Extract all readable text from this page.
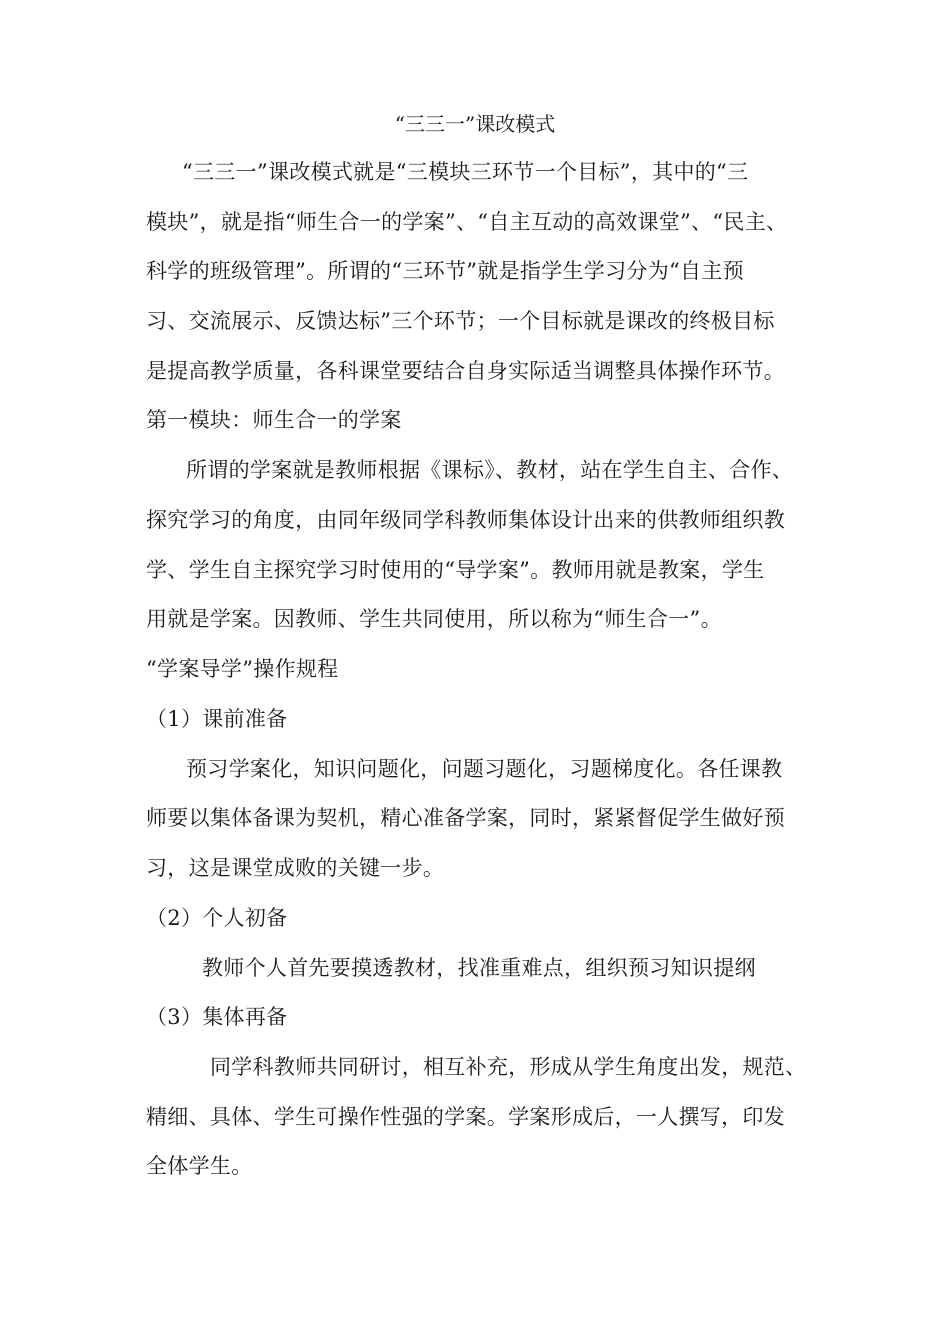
“三三一”课改模式
“三三一”课改模式就是“三模块三环节一个目标”，其中的“三
模块”，就是指“师生合一的学案”、“自主互动的高效课堂”、“民主、
科学的班级管理”。所谓的“三环节”就是指学生学习分为“自主预
习、交流展示、反馈达标”三个环节；一个目标就是课改的终极目标
是提高教学质量，各科课堂要结合自身实际适当调整具体操作环节。
第一模块：师生合一的学案
所谓的学案就是教师根据《课标》、教材，站在学生自主、合作、
探究学习的角度，由同年级同学科教师集体设计出来的供教师组织教
学、学生自主探究学习时使用的“导学案”。教师用就是教案，学生
用就是学案。因教师、学生共同使用，所以称为“师生合一”。
“学案导学”操作规程
（1）课前准备
预习学案化，知识问题化，问题习题化，习题梯度化。各任课教
师要以集体备课为契机，精心准备学案，同时，紧紧督促学生做好预
习，这是课堂成败的关键一步。
（2）个人初备
教师个人首先要摸透教材，找准重难点，组织预习知识提纲
（3）集体再备
同学科教师共同研讨，相互补充，形成从学生角度出发，规范、
精细、具体、学生可操作性强的学案。学案形成后，一人撰写，印发
全体学生。
